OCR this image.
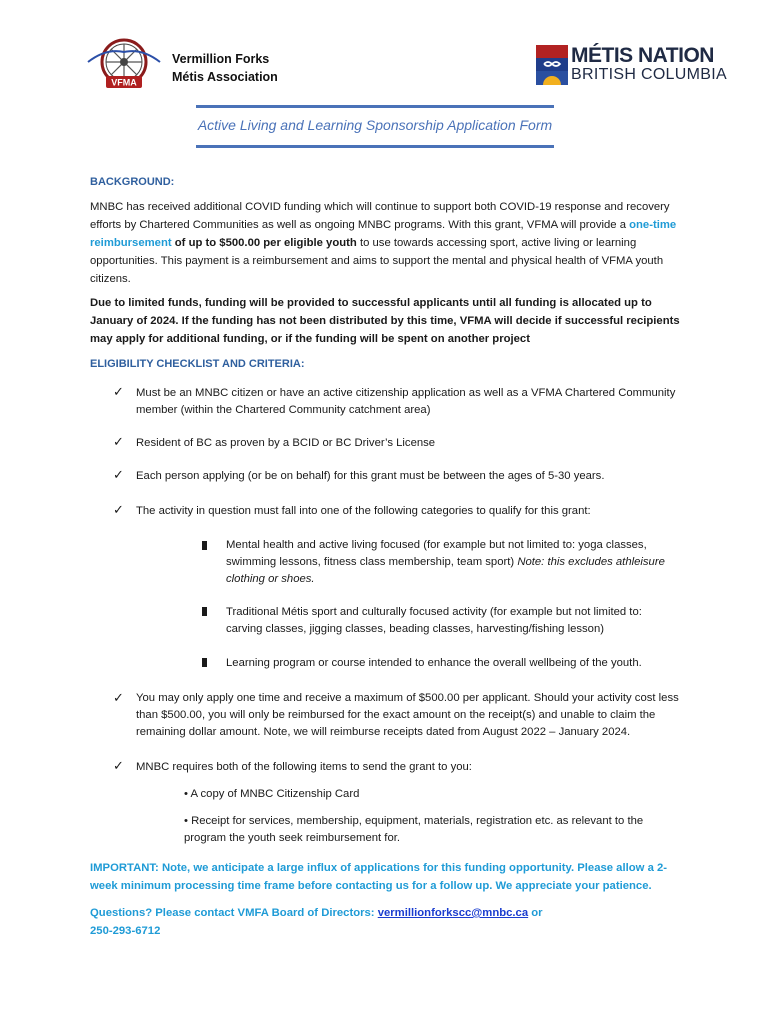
VFMA
Vermillion Forks
Métis Association
MÉTIS NATION
BRITISH COLUMBIA
Active Living and Learning Sponsorship Application Form
BACKGROUND:
MNBC has received additional COVID funding which will continue to support both COVID-19 response and recovery efforts by Chartered Communities as well as ongoing MNBC programs. With this grant, VFMA will provide a one-time reimbursement of up to $500.00 per eligible youth to use towards accessing sport, active living or learning opportunities. This payment is a reimbursement and aims to support the mental and physical health of VFMA youth citizens.
Due to limited funds, funding will be provided to successful applicants until all funding is allocated up to January of 2024. If the funding has not been distributed by this time, VFMA will decide if successful recipients may apply for additional funding, or if the funding will be spent on another project
ELIGIBILITY CHECKLIST AND CRITERIA:
✓ Must be an MNBC citizen or have an active citizenship application as well as a VFMA Chartered Community member (within the Chartered Community catchment area)
✓ Resident of BC as proven by a BCID or BC Driver’s License
✓ Each person applying (or be on behalf) for this grant must be between the ages of 5-30 years.
✓ The activity in question must fall into one of the following categories to qualify for this grant:
Mental health and active living focused (for example but not limited to: yoga classes, swimming lessons, fitness class membership, team sport) Note: this excludes athleisure clothing or shoes.
Traditional Métis sport and culturally focused activity (for example but not limited to: carving classes, jigging classes, beading classes, harvesting/fishing lesson)
Learning program or course intended to enhance the overall wellbeing of the youth.
✓ You may only apply one time and receive a maximum of $500.00 per applicant. Should your activity cost less than $500.00, you will only be reimbursed for the exact amount on the receipt(s) and unable to claim the remaining dollar amount. Note, we will reimburse receipts dated from August 2022 – January 2024.
✓ MNBC requires both of the following items to send the grant to you:
• A copy of MNBC Citizenship Card
• Receipt for services, membership, equipment, materials, registration etc. as relevant to the program the youth seek reimbursement for.
IMPORTANT: Note, we anticipate a large influx of applications for this funding opportunity. Please allow a 2-week minimum processing time frame before contacting us for a follow up. We appreciate your patience.
Questions? Please contact VMFA Board of Directors: vermillionforkscc@mnbc.ca or 250-293-6712
